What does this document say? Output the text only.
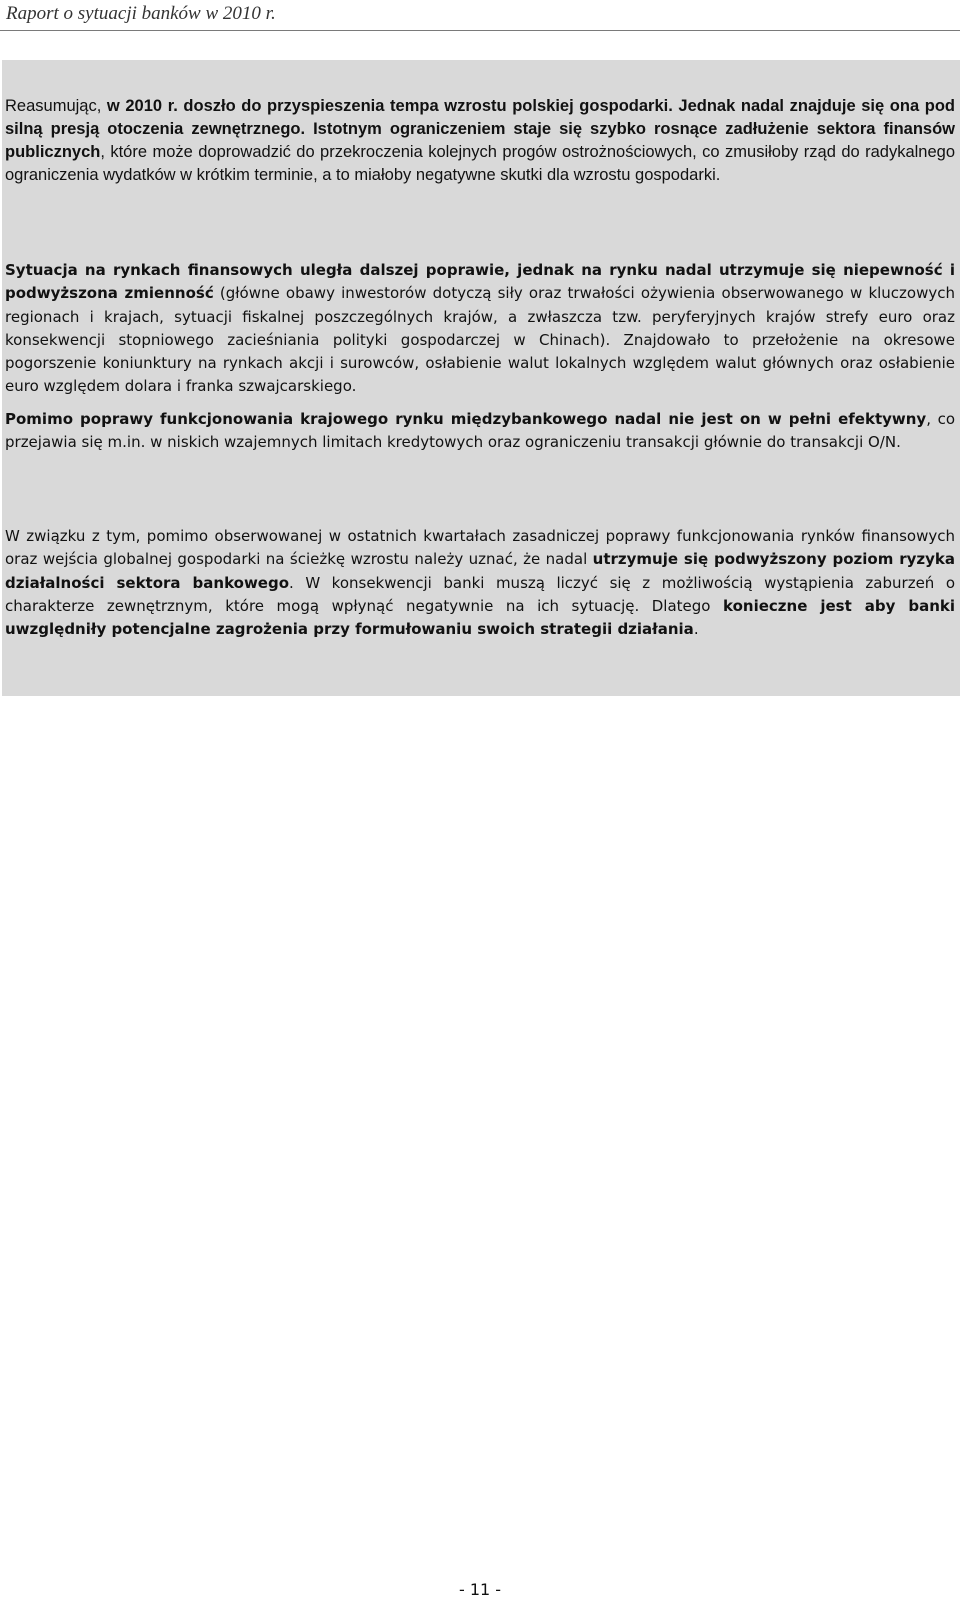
Raport o sytuacji banków w 2010 r.

Reasumując, w 2010 r. doszło do przyspieszenia tempa wzrostu polskiej gospodarki. Jednak nadal znajduje się ona pod silną presją otoczenia zewnętrznego. Istotnym ograniczeniem staje się szybko rosnące zadłużenie sektora finansów publicznych, które może doprowadzić do przekroczenia kolejnych progów ostrożnościowych, co zmusiłoby rząd do radykalnego ograniczenia wydatków w krótkim terminie, a to miałoby negatywne skutki dla wzrostu gospodarki.

Sytuacja na rynkach finansowych uległa dalszej poprawie, jednak na rynku nadal utrzymuje się niepewność i podwyższona zmienność (główne obawy inwestorów dotyczą siły oraz trwałości ożywienia obserwowanego w kluczowych regionach i krajach, sytuacji fiskalnej poszczególnych krajów, a zwłaszcza tzw. peryferyjnych krajów strefy euro oraz konsekwencji stopniowego zacieśniania polityki gospodarczej w Chinach). Znajdowało to przełożenie na okresowe pogorszenie koniunktury na rynkach akcji i surowców, osłabienie walut lokalnych względem walut głównych oraz osłabienie euro względem dolara i franka szwajcarskiego.

Pomimo poprawy funkcjonowania krajowego rynku międzybankowego nadal nie jest on w pełni efektywny, co przejawia się m.in. w niskich wzajemnych limitach kredytowych oraz ograniczeniu transakcji głównie do transakcji O/N.

W związku z tym, pomimo obserwowanej w ostatnich kwartałach zasadniczej poprawy funkcjonowania rynków finansowych oraz wejścia globalnej gospodarki na ścieżkę wzrostu należy uznać, że nadal utrzymuje się podwyższony poziom ryzyka działalności sektora bankowego. W konsekwencji banki muszą liczyć się z możliwością wystąpienia zaburzeń o charakterze zewnętrznym, które mogą wpłynąć negatywnie na ich sytuację. Dlatego konieczne jest aby banki uwzględniły potencjalne zagrożenia przy formułowaniu swoich strategii działania.

- 11 -
